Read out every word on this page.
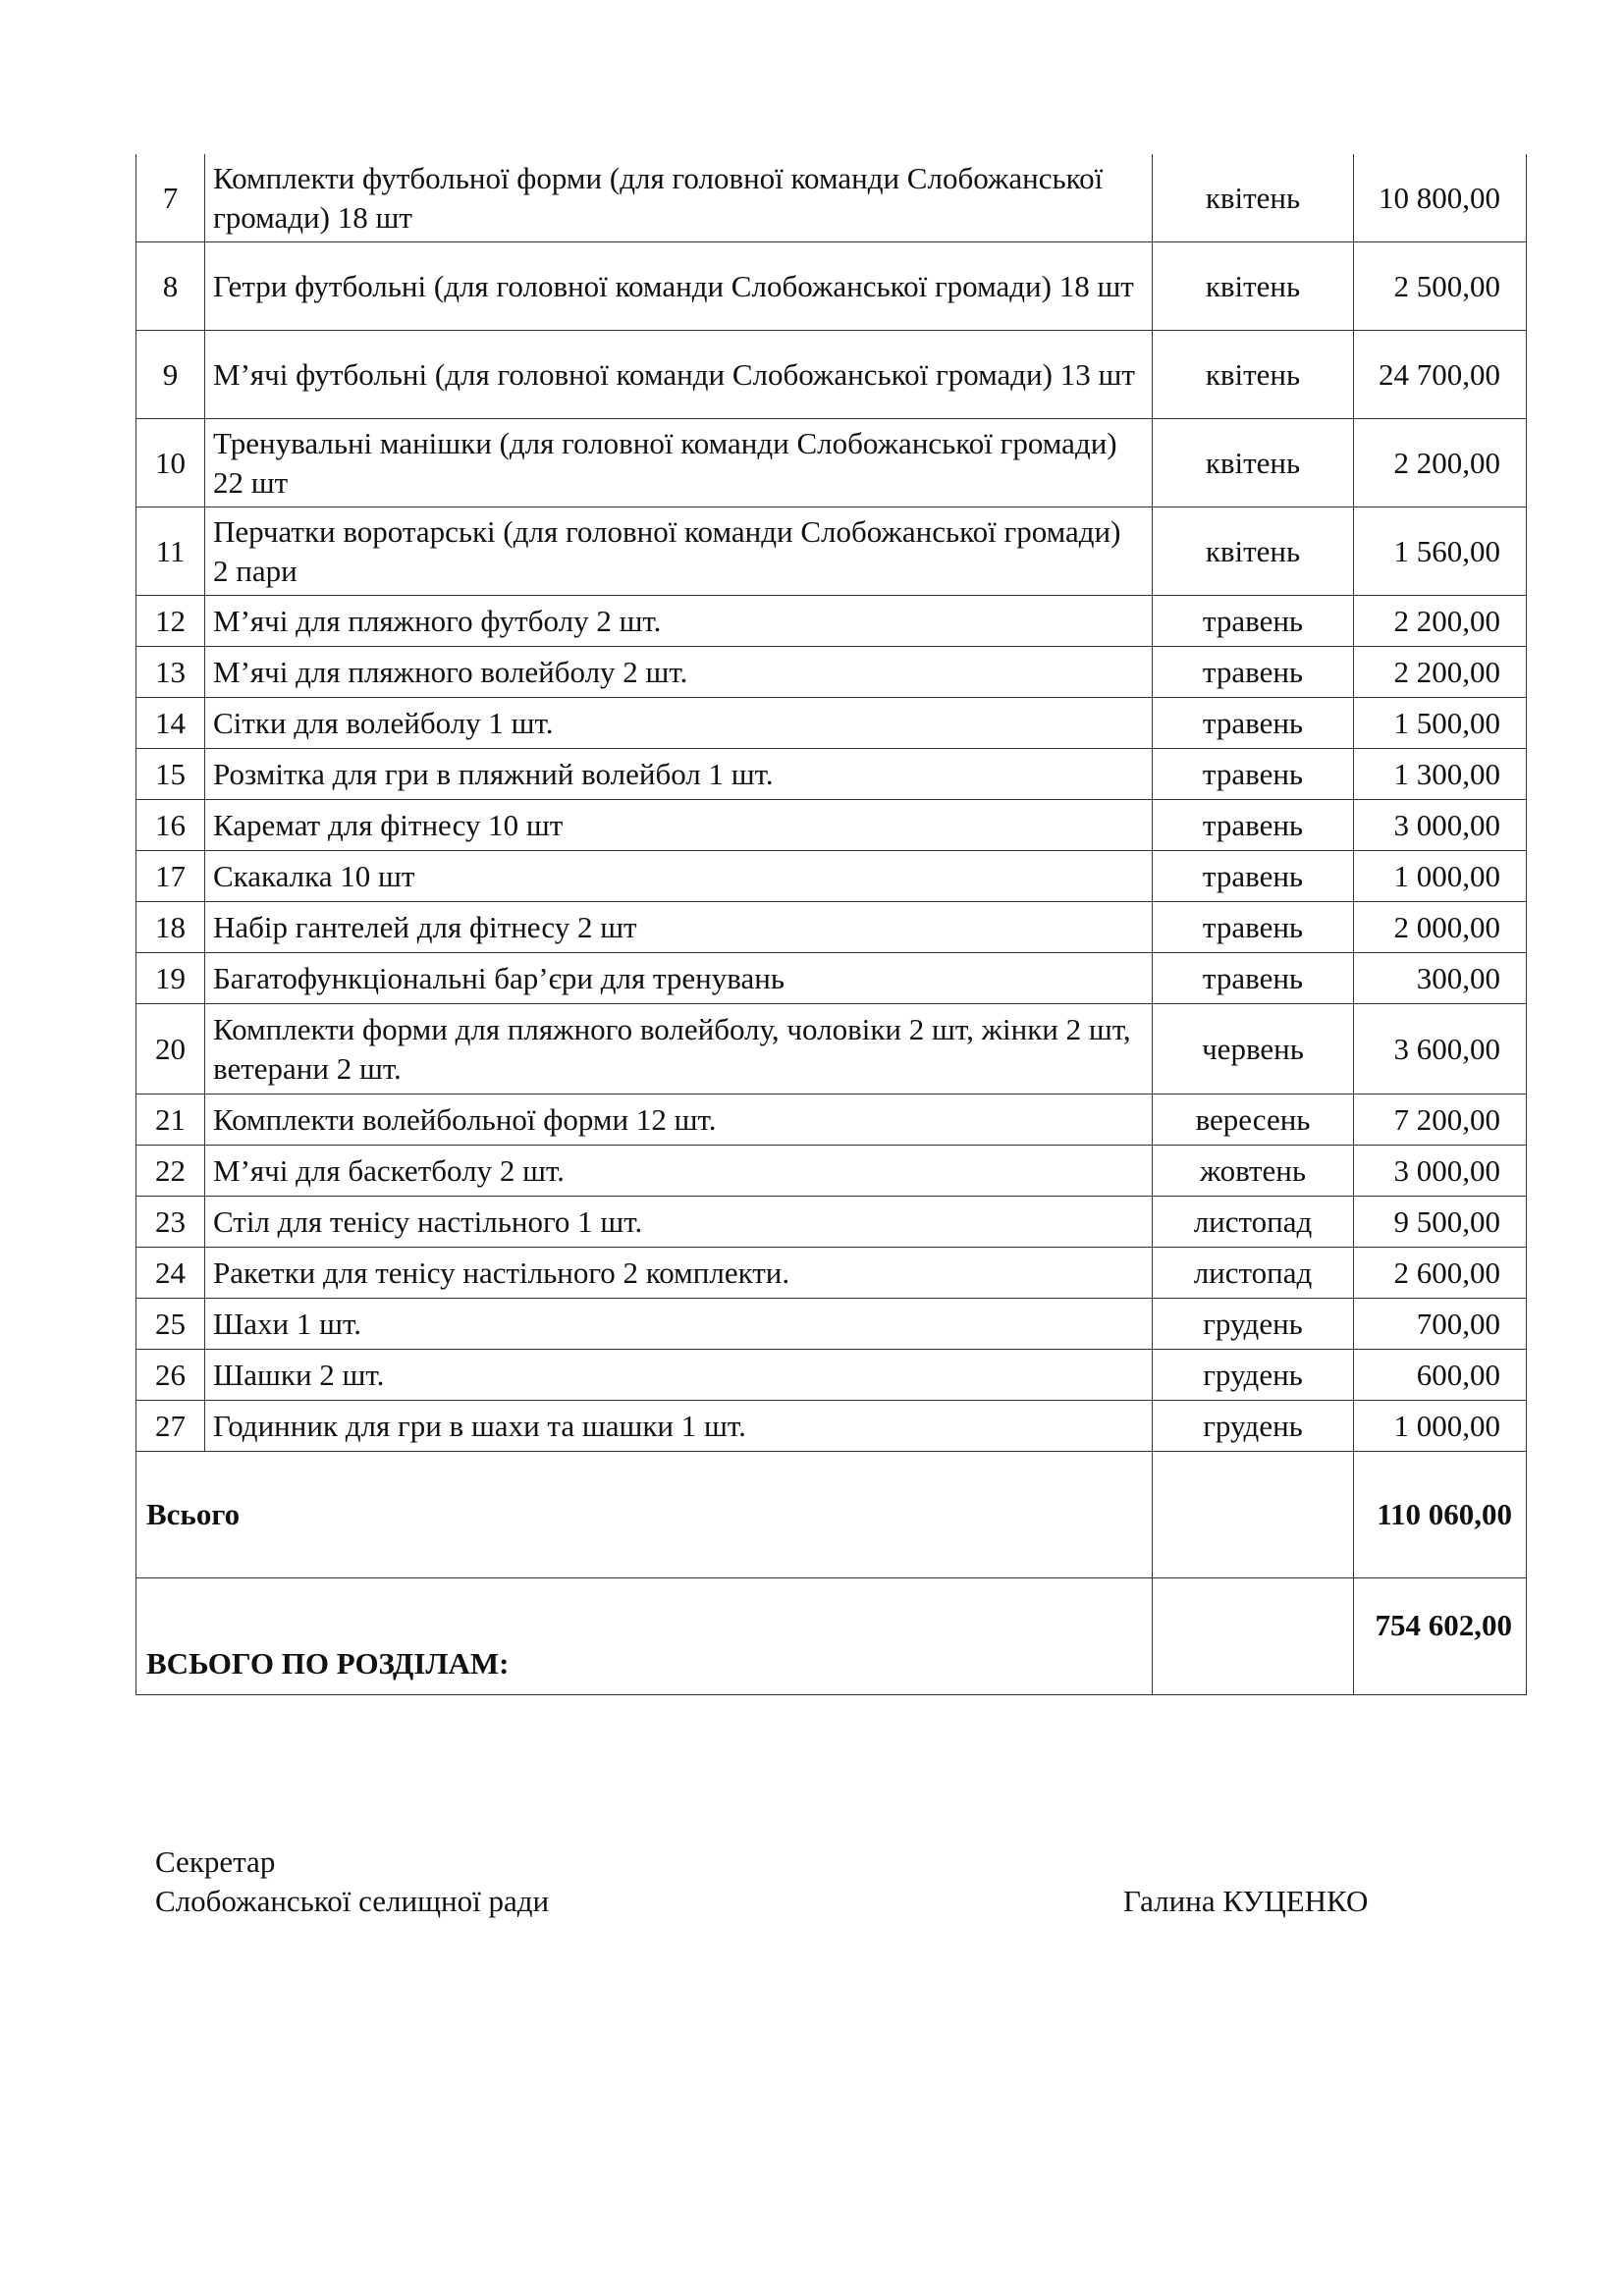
7	Комплекти футбольної форми (для головної команди Слобожанської громади) 18 шт	квітень	10 800,00
8	Гетри футбольні (для головної команди Слобожанської громади) 18 шт	квітень	2 500,00
9	М’ячі футбольні (для головної команди Слобожанської громади) 13 шт	квітень	24 700,00
10	Тренувальні манішки (для головної команди Слобожанської громади) 22 шт	квітень	2 200,00
11	Перчатки воротарські (для головної команди Слобожанської громади) 2 пари	квітень	1 560,00
12	М’ячі для пляжного футболу 2 шт.	травень	2 200,00
13	М’ячі для пляжного волейболу 2 шт.	травень	2 200,00
14	Сітки для волейболу 1 шт.	травень	1 500,00
15	Розмітка для гри в пляжний волейбол 1 шт.	травень	1 300,00
16	Каремат для фітнесу 10 шт	травень	3 000,00
17	Скакалка 10 шт	травень	1 000,00
18	Набір гантелей для фітнесу 2 шт	травень	2 000,00
19	Багатофункціональні бар’єри для тренувань	травень	300,00
20	Комплекти форми для пляжного волейболу, чоловіки 2 шт, жінки 2 шт, ветерани 2 шт.	червень	3 600,00
21	Комплекти волейбольної форми 12 шт.	вересень	7 200,00
22	М’ячі для баскетболу 2 шт.	жовтень	3 000,00
23	Стіл для тенісу настільного 1 шт.	листопад	9 500,00
24	Ракетки для тенісу настільного 2 комплекти.	листопад	2 600,00
25	Шахи 1 шт.	грудень	700,00
26	Шашки 2 шт.	грудень	600,00
27	Годинник для гри в шахи та шашки 1 шт.	грудень	1 000,00
Всього			110 060,00
ВСЬОГО ПО РОЗДІЛАМ:			754 602,00
Секретар
Слобожанської селищної ради	Галина КУЦЕНКО
